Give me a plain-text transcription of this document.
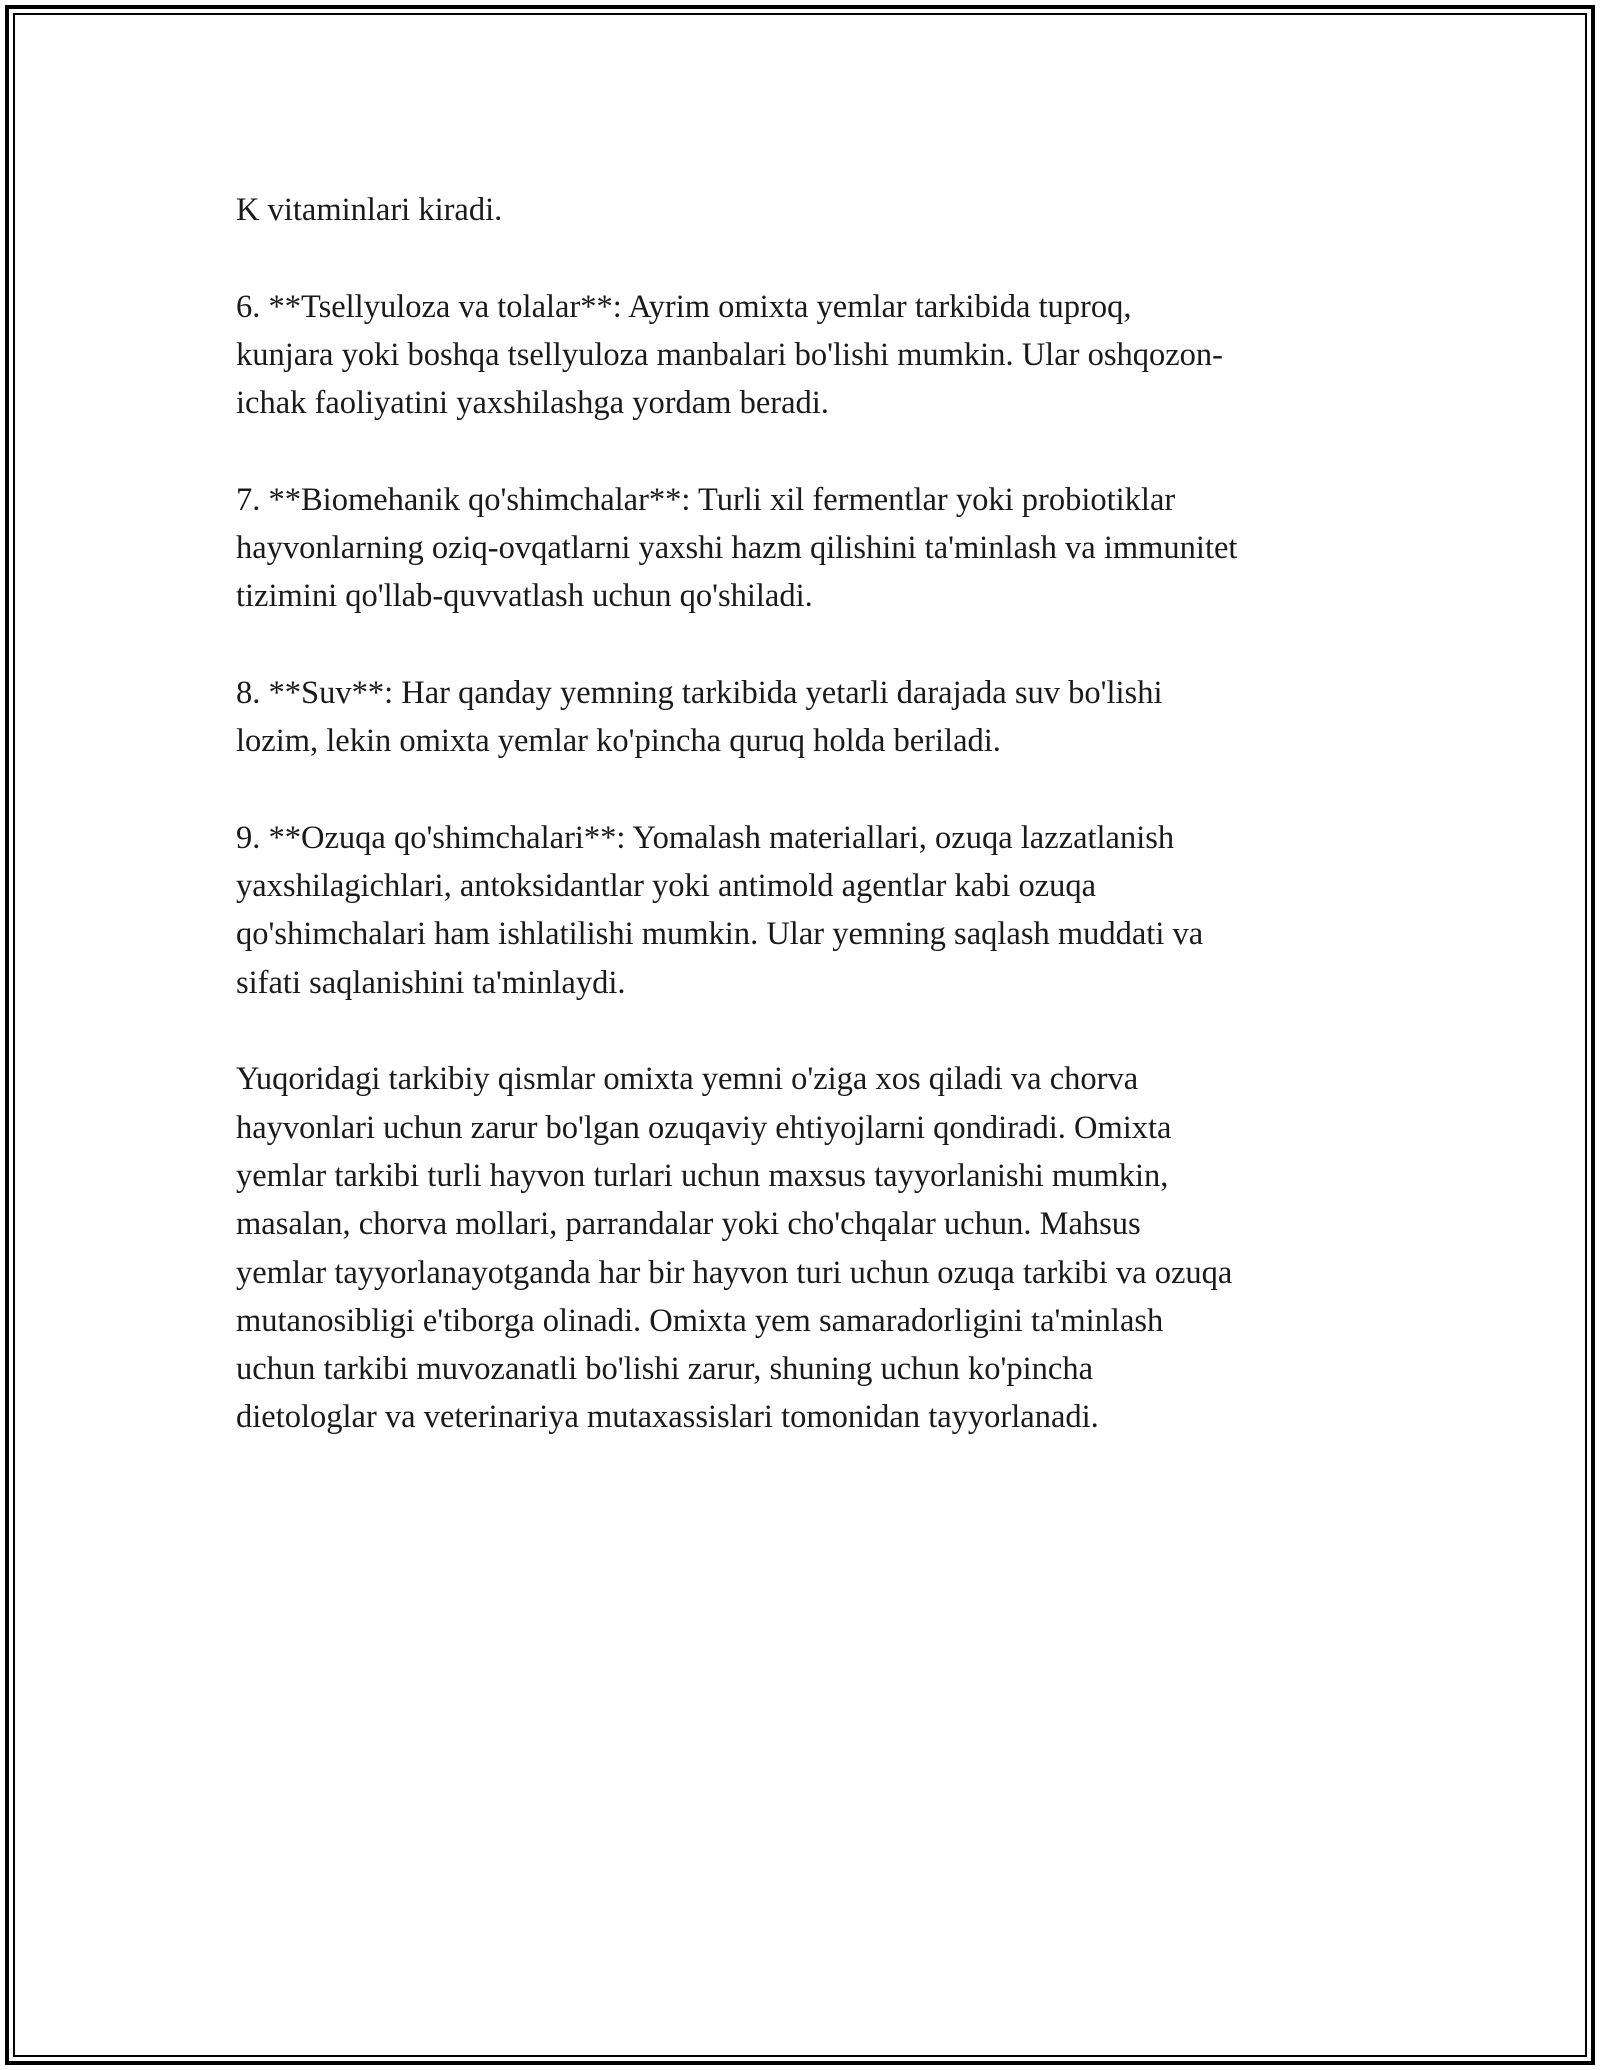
K vitaminlari kiradi.

6. **Tsellyuloza va tolalar**: Ayrim omixta yemlar tarkibida tuproq,
kunjara yoki boshqa tsellyuloza manbalari bo'lishi mumkin. Ular oshqozon-
ichak faoliyatini yaxshilashga yordam beradi.

7. **Biomehanik qo'shimchalar**: Turli xil fermentlar yoki probiotiklar
hayvonlarning oziq-ovqatlarni yaxshi hazm qilishini ta'minlash va immunitet
tizimini qo'llab-quvvatlash uchun qo'shiladi.

8. **Suv**: Har qanday yemning tarkibida yetarli darajada suv bo'lishi
lozim, lekin omixta yemlar ko'pincha quruq holda beriladi.

9. **Ozuqa qo'shimchalari**: Yomalash materiallari, ozuqa lazzatlanish
yaxshilagichlari, antoksidantlar yoki antimold agentlar kabi ozuqa
qo'shimchalari ham ishlatilishi mumkin. Ular yemning saqlash muddati va
sifati saqlanishini ta'minlaydi.

Yuqoridagi tarkibiy qismlar omixta yemni o'ziga xos qiladi va chorva
hayvonlari uchun zarur bo'lgan ozuqaviy ehtiyojlarni qondiradi. Omixta
yemlar tarkibi turli hayvon turlari uchun maxsus tayyorlanishi mumkin,
masalan, chorva mollari, parrandalar yoki cho'chqalar uchun. Mahsus
yemlar tayyorlanayotganda har bir hayvon turi uchun ozuqa tarkibi va ozuqa
mutanosibligi e'tiborga olinadi. Omixta yem samaradorligini ta'minlash
uchun tarkibi muvozanatli bo'lishi zarur, shuning uchun ko'pincha
dietologlar va veterinariya mutaxassislari tomonidan tayyorlanadi.
